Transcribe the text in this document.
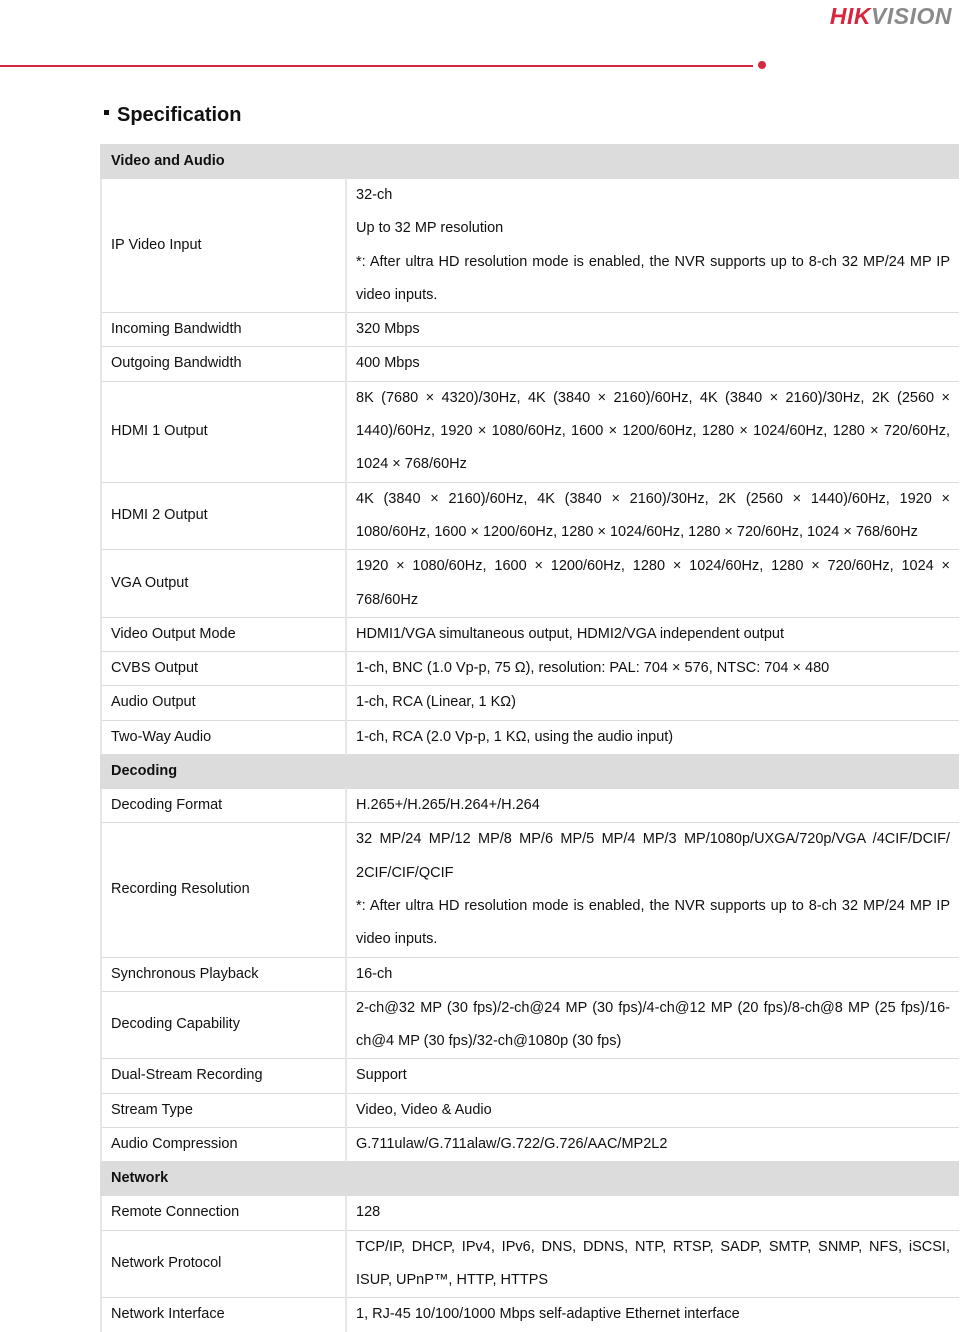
HIKVISION
Specification
Video and Audio	
IP Video Input	32-ch
Up to 32 MP resolution
*: After ultra HD resolution mode is enabled, the NVR supports up to 8-ch 32 MP/24 MP IP video inputs.

Incoming Bandwidth	320 Mbps

Outgoing Bandwidth	400 Mbps

HDMI 1 Output	8K (7680 × 4320)/30Hz, 4K (3840 × 2160)/60Hz, 4K (3840 × 2160)/30Hz, 2K (2560 × 1440)/60Hz, 1920 × 1080/60Hz, 1600 × 1200/60Hz, 1280 × 1024/60Hz, 1280 × 720/60Hz, 1024 × 768/60Hz

HDMI 2 Output	4K (3840 × 2160)/60Hz, 4K (3840 × 2160)/30Hz, 2K (2560 × 1440)/60Hz, 1920 × 1080/60Hz, 1600 × 1200/60Hz, 1280 × 1024/60Hz, 1280 × 720/60Hz, 1024 × 768/60Hz

VGA Output	1920 × 1080/60Hz, 1600 × 1200/60Hz, 1280 × 1024/60Hz, 1280 × 720/60Hz, 1024 × 768/60Hz

Video Output Mode	HDMI1/VGA simultaneous output, HDMI2/VGA independent output

CVBS Output	1-ch, BNC (1.0 Vp-p, 75 Ω), resolution: PAL: 704 × 576, NTSC: 704 × 480

Audio Output	1-ch, RCA (Linear, 1 KΩ)

Two-Way Audio	1-ch, RCA (2.0 Vp-p, 1 KΩ, using the audio input)

Decoding	
Decoding Format	H.265+/H.265/H.264+/H.264

Recording Resolution	32 MP/24 MP/12 MP/8 MP/6 MP/5 MP/4 MP/3 MP/1080p/UXGA/720p/VGA /4CIF/DCIF/ 2CIF/CIF/QCIF
*: After ultra HD resolution mode is enabled, the NVR supports up to 8-ch 32 MP/24 MP IP video inputs.

Synchronous Playback	16-ch

Decoding Capability	2-ch@32 MP (30 fps)/2-ch@24 MP (30 fps)/4-ch@12 MP (20 fps)/8-ch@8 MP (25 fps)/16-ch@4 MP (30 fps)/32-ch@1080p (30 fps)

Dual-Stream Recording	Support

Stream Type	Video, Video & Audio

Audio Compression	G.711ulaw/G.711alaw/G.722/G.726/AAC/MP2L2

Network	
Remote Connection	128

Network Protocol	TCP/IP, DHCP, IPv4, IPv6, DNS, DDNS, NTP, RTSP, SADP, SMTP, SNMP, NFS, iSCSI, ISUP, UPnP™, HTTP, HTTPS

Network Interface	1, RJ-45 10/100/1000 Mbps self-adaptive Ethernet interface
